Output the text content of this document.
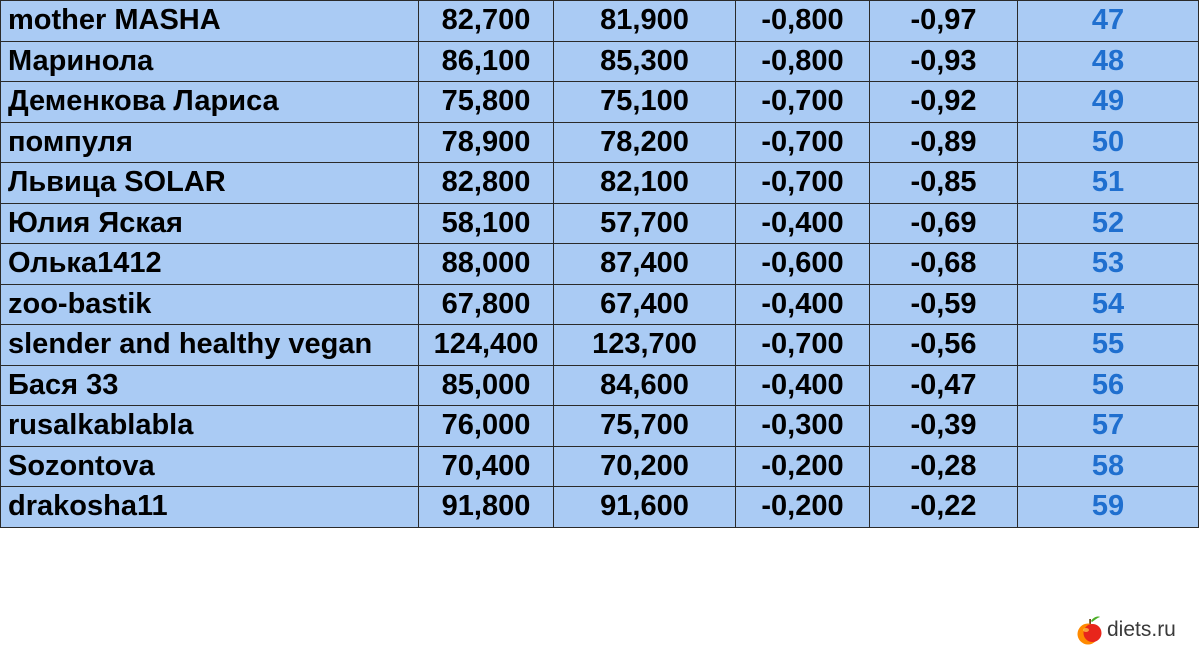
mother MASHA	82,700	81,900	-0,800	-0,97	47
Маринола	86,100	85,300	-0,800	-0,93	48
Деменкова Лариса	75,800	75,100	-0,700	-0,92	49
помпуля	78,900	78,200	-0,700	-0,89	50
Львица SOLAR	82,800	82,100	-0,700	-0,85	51
Юлия Яская	58,100	57,700	-0,400	-0,69	52
Олька1412	88,000	87,400	-0,600	-0,68	53
zoo-bastik	67,800	67,400	-0,400	-0,59	54
slender and healthy vegan	124,400	123,700	-0,700	-0,56	55
Бася 33	85,000	84,600	-0,400	-0,47	56
rusalkablabla	76,000	75,700	-0,300	-0,39	57
Sozontova	70,400	70,200	-0,200	-0,28	58
drakosha11	91,800	91,600	-0,200	-0,22	59
diets.ru
